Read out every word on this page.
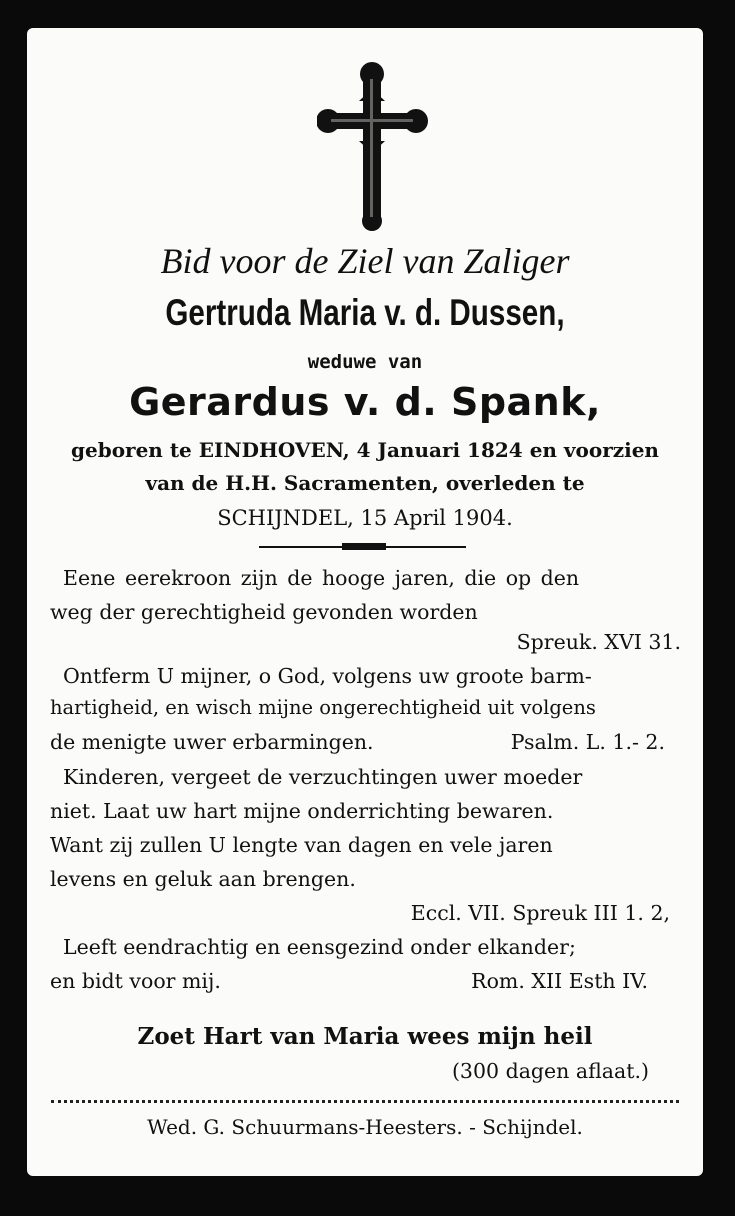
Bid voor de Ziel van Zaliger
Gertruda Maria v. d. Dussen,
weduwe van
Gerardus v. d. Spank,
geboren te EINDHOVEN, 4 Januari 1824 en voorzien
van de H.H. Sacramenten, overleden te
SCHIJNDEL, 15 April 1904.
Eene eerekroon zijn de hooge jaren, die op den
weg der gerechtigheid gevonden worden
Spreuk. XVI 31.
Ontferm U mijner, o God, volgens uw groote barm-
hartigheid, en wisch mijne ongerechtigheid uit volgens
de menigte uwer erbarmingen.	Psalm. L. 1.- 2.
Kinderen, vergeet de verzuchtingen uwer moeder
niet. Laat uw hart mijne onderrichting bewaren.
Want zij zullen U lengte van dagen en vele jaren
levens en geluk aan brengen.
Eccl. VII. Spreuk III 1. 2,
Leeft eendrachtig en eensgezind onder elkander;
en bidt voor mij.	Rom. XII Esth IV.
Zoet Hart van Maria wees mijn heil
(300 dagen aflaat.)
Wed. G. Schuurmans-Heesters. - Schijndel.
